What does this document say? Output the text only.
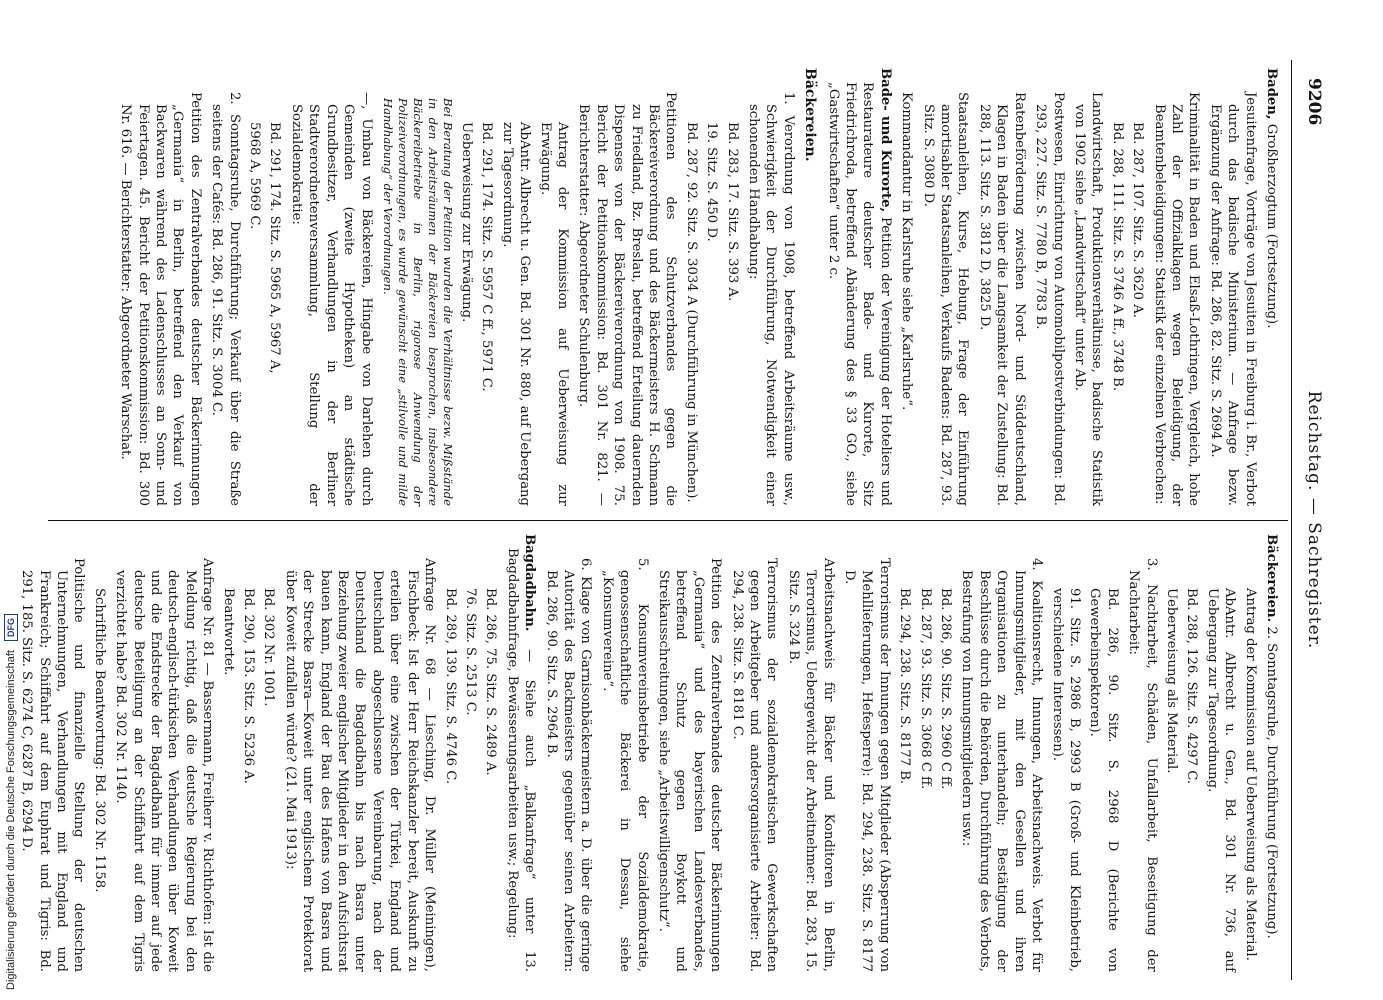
9206
Reichstag. — Sachregister.

Baden, Großherzogtum (Fortsetzung).

Jesuitenfrage, Vorträge von Jesuiten in Freiburg i. Br., Verbot durch das badische Ministerium. — Anfrage bezw. Ergänzung der Anfrage: Bd. 286, 82. Sitz. S. 2694 A.

Kriminalität in Baden und Elsaß-Lothringen, Vergleich, hohe Zahl der Offizialklagen wegen Beleidigung, der Beamtenbeleidigungen: Statistik der einzelnen Verbrechen:

Bd. 287, 107. Sitz. S. 3620 A.

Bd. 288, 111. Sitz. S. 3746 A ff., 3748 B.

Landwirtschaft, Produktionsverhältnisse, badische Statistik von 1902 siehe „Landwirtschaft“ unter Ab.

Postwesen, Einrichtung von Automobilpostverbindungen: Bd. 293, 227. Sitz. S. 7780 B, 7783 B.

Ratenbeförderung zwischen Nord- und Süddeutschland, Klagen in Baden über die Langsamkeit der Zustellung: Bd. 288, 113. Sitz. S. 3812 D, 3825 D.

Staatsanleihen, Kurse, Hebung, Frage der Einführung amortisabler Staatsanleihen, Verkaufs Badens: Bd. 287, 93. Sitz. S. 3080 D.

Kommandantur in Karlsruhe siehe „Karlsruhe“.

Bade- und Kurorte, Petition der Vereinigung der Hoteliers und Restaurateure deutscher Bade- und Kurorte, Sitz Friedrichroda, betreffend Abänderung des § 33 GO., siehe „Gastwirtschaften“ unter 2 c.

Bäckereien.

1. Verordnung von 1908, betreffend Arbeitsräume usw., Schwierigkeit der Durchführung, Notwendigkeit einer schonenden Handhabung:

Bd. 283, 17. Sitz. S. 393 A.

19. Sitz. S. 450 D.

Bd. 287, 92. Sitz. S. 3034 A (Durchführung in München).

Petitionen des Schutzverbandes gegen die Bäckereiverordnung und des Bäckermeisters H. Schmann zu Friedland, Bz. Breslau, betreffend Erteilung dauernden Dispenses von der Bäckereiverordnung von 1908. 75. Bericht der Petitionskommission: Bd. 301 Nr. 821. — Berichterstatter: Abgeordneter Schulenburg.

Antrag der Kommission auf Ueberweisung zur Erwägung.

AbAntr. Albrecht u. Gen. Bd. 301 Nr. 880, auf Uebergang zur Tagesordnung.

Bd. 291, 174. Sitz. S. 5957 C ff., 5971 C.

Ueberweisung zur Erwägung.

Bei Beratung der Petition wurden die Verhältnisse bezw. Mißstände in den Arbeitsräumen der Bäckereien besprochen, insbesondere Bäckereibetriebe in Berlin, rigorose Anwendung der Polizeiverordnungen, es wurde gewünscht eine „stilvolle und milde Handhabung“ der Verordnungen.

—, Umbau von Bäckereien, Hingabe von Darlehen durch Gemeinden (zweite Hypotheken) an städtische Grundbesitzer, Verhandlungen in der Berliner Stadtverordnetenversammlung, Stellung der Sozialdemokratie:

Bd. 291, 174. Sitz. S. 5965 A, 5967 A,

5968 A, 5969 C.

2. Sonntagsruhe, Durchführung; Verkauf über die Straße seitens der Cafés: Bd. 286, 91. Sitz. S. 3004 C.

Petition des Zentralverbandes deutscher Bäckerinnungen „Germania“ in Berlin, betreffend den Verkauf von Backwaren während des Ladenschlusses an Sonn- und Feiertagen. 45. Bericht der Petitionskommission: Bd. 300 Nr. 616. — Berichterstatter: Abgeordneter Warschat.

Bäckereien. 2. Sonntagsruhe, Durchführung (Fortsetzung).

Antrag der Kommission auf Ueberweisung als Material.

AbAntr. Albrecht u. Gen., Bd. 301 Nr. 736, auf Uebergang zur Tagesordnung.

Bd. 288, 126. Sitz. S. 4297 C.

Ueberweisung als Material.

3. Nachtarbeit, Schäden, Unfallarbeit, Beseitigung der Nachtarbeit:

Bd. 286, 90. Sitz. S. 2968 D (Berichte von Gewerbeinspektoren).

91. Sitz. S. 2986 B, 2993 B (Groß- und Kleinbetrieb, verschiedene Interessen).

4. Koalitionsrecht, Innungen, Arbeitsnachweis. Verbot für Innungsmitglieder, mit den Gesellen und ihren Organisationen zu unterhandeln; Bestätigung der Beschlüsse durch die Behörden, Durchführung des Verbots, Bestrafung von Innungsmitgliedern usw.:

Bd. 286, 90. Sitz. S. 2960 C ff.

Bd. 287, 93. Sitz. S. 3068 C ff.

Bd. 294, 238. Sitz. S. 8177 B.

Terrorismus der Innungen gegen Mitglieder (Absperrung von Mehllieferungen, Hefesperre): Bd. 294, 238. Sitz. S. 8177 D.

Arbeitsnachweis für Bäcker und Konditoren in Berlin, Terrorismus, Uebergewicht der Arbeitnehmer: Bd. 283, 15. Sitz. S. 324 B.

Terrorismus der sozialdemokratischen Gewerkschaften gegen Arbeitgeber und andersorganisierte Arbeiter: Bd. 294, 238. Sitz. S. 8181 C.

Petition des Zentralverbandes deutscher Bäckerinnungen „Germania“ und des bayerischen Landesverbandes, betreffend Schutz gegen Boykott und Streikausschreitungen, siehe „Arbeitswilligenschutz“.

5. Konsumvereinsbetriebe der Sozialdemokratie, genossenschaftliche Bäckerei in Dessau, siehe „Konsumvereine“.

6. Klage von Garnisonbäckermeistern a. D. über die geringe Autorität des Backmeisters gegenüber seinen Arbeitern: Bd. 286, 90. Sitz. S. 2964 B.

Bagdadbahn. — Siehe auch „Balkanfrage“ unter 13. Bagdadbahnfrage, Bewässerungsarbeiten usw.; Regelung:

Bd. 286, 75. Sitz. S. 2489 A.

76. Sitz. S. 2513 C.

Bd. 289, 139. Sitz. S. 4746 C.

Anfrage Nr. 68 — Liesching, Dr. Müller (Meiningen), Fischbeck: Ist der Herr Reichskanzler bereit, Auskunft zu erteilen über eine zwischen der Türkei, England und Deutschland abgeschlossene Vereinbarung, nach der Deutschland die Bagdadbahn bis nach Basra unter Beziehung zweier englischer Mitglieder in den Aufsichtsrat bauen kann, England der Bau des Hafens von Basra und der Strecke Basra—Koweit unter englischem Protektorat über Koweit zufallen würde? (21. Mai 1913):

Bd. 302 Nr. 1001.

Bd. 290, 153. Sitz. S. 5236 A.

Beantwortet.

Anfrage Nr. 81 — Bassermann, Freiherr v. Richthofen: Ist die Meldung richtig, daß die deutsche Regierung bei den deutsch-englisch-türkischen Verhandlungen über Koweit und die Endstrecke der Bagdadbahn für immer auf jede deutsche Beteiligung an der Schiffahrt auf dem Tigris verzichtet habe? Bd. 302 Nr. 1140.

Schriftliche Beantwortung: Bd. 302 Nr. 1158.

Politische und finanzielle Stellung der deutschen Unternehmungen, Verhandlungen mit England und Frankreich; Schiffahrt auf dem Euphrat und Tigris: Bd. 291, 185. Sitz. S. 6274 C, 6287 B, 6294 D.

Digitalisierung gefördert durch die Deutsche Forschungsgemeinschaft DFG
